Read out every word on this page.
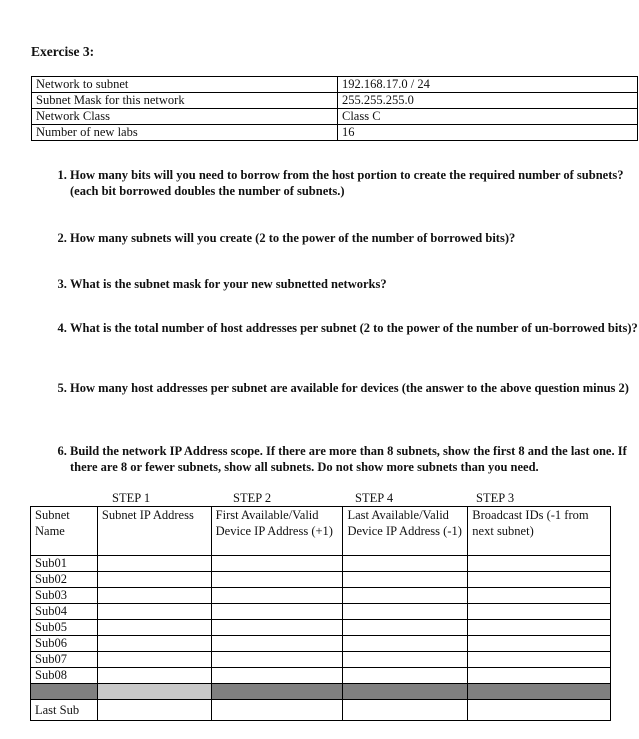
Exercise 3:
Network to subnet	192.168.17.0 / 24
Subnet Mask for this network	255.255.255.0
Network Class	Class C
Number of new labs	16
1. How many bits will you need to borrow from the host portion to create the required number of subnets? (each bit borrowed doubles the number of subnets.)
2. How many subnets will you create (2 to the power of the number of borrowed bits)?
3. What is the subnet mask for your new subnetted networks?
4. What is the total number of host addresses per subnet (2 to the power of the number of un-borrowed bits)?
5. How many host addresses per subnet are available for devices (the answer to the above question minus 2)
6. Build the network IP Address scope. If there are more than 8 subnets, show the first 8 and the last one. If there are 8 or fewer subnets, show all subnets. Do not show more subnets than you need.
STEP 1	STEP 2	STEP 4	STEP 3
Subnet Name	Subnet IP Address	First Available/Valid Device IP Address (+1)	Last Available/Valid Device IP Address (-1)	Broadcast IDs (-1 from next subnet)
Sub01				
Sub02				
Sub03				
Sub04				
Sub05				
Sub06				
Sub07				
Sub08				

Last Sub				
